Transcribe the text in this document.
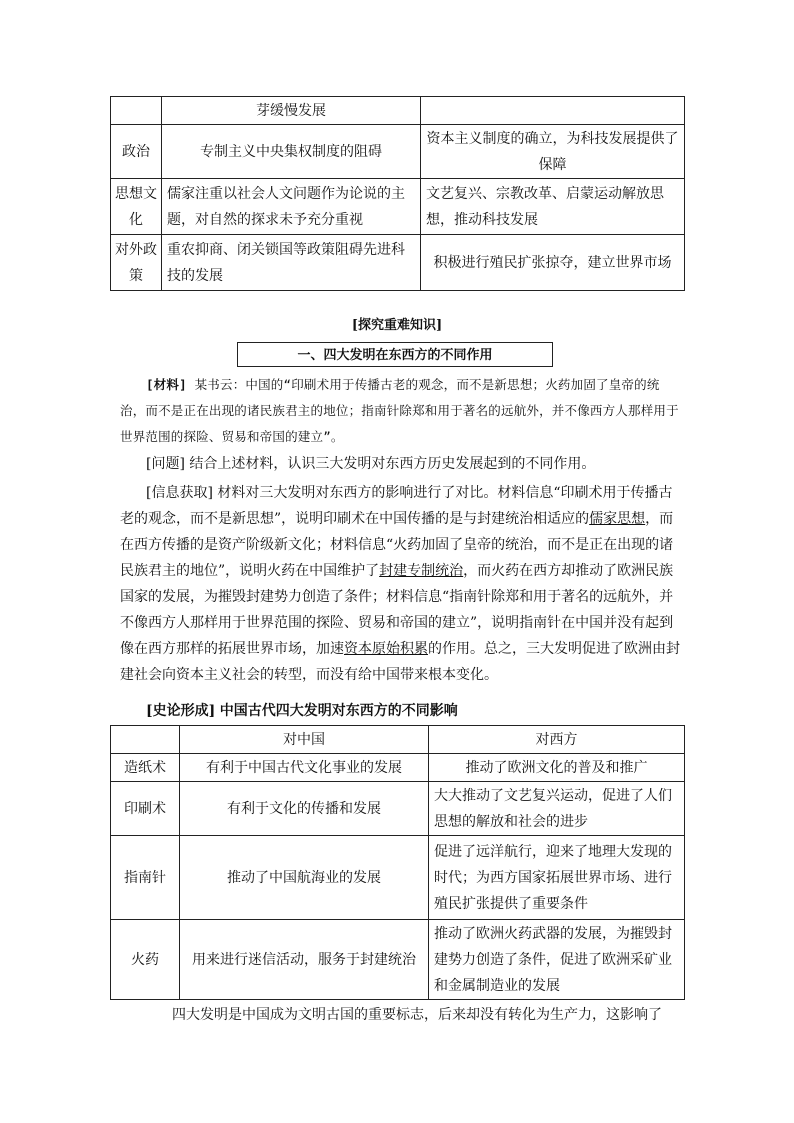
	芽缓慢发展	
政治	专制主义中央集权制度的阻碍	资本主义制度的确立，为科技发展提供了保障
思想文化	儒家注重以社会人文问题作为论说的主题，对自然的探求未予充分重视	文艺复兴、宗教改革、启蒙运动解放思想，推动科技发展
对外政策	重农抑商、闭关锁国等政策阻碍先进科技的发展	积极进行殖民扩张掠夺，建立世界市场
[探究重难知识]
一、四大发明在东西方的不同作用
[材料] 某书云：中国的“印刷术用于传播古老的观念，而不是新思想；火药加固了皇帝的统治，而不是正在出现的诸民族君主的地位；指南针除郑和用于著名的远航外，并不像西方人那样用于世界范围的探险、贸易和帝国的建立”。
[问题] 结合上述材料，认识三大发明对东西方历史发展起到的不同作用。
[信息获取] 材料对三大发明对东西方的影响进行了对比。材料信息“印刷术用于传播古老的观念，而不是新思想”，说明印刷术在中国传播的是与封建统治相适应的儒家思想，而在西方传播的是资产阶级新文化；材料信息“火药加固了皇帝的统治，而不是正在出现的诸民族君主的地位”，说明火药在中国维护了封建专制统治，而火药在西方却推动了欧洲民族国家的发展，为摧毁封建势力创造了条件；材料信息“指南针除郑和用于著名的远航外，并不像西方人那样用于世界范围的探险、贸易和帝国的建立”，说明指南针在中国并没有起到像在西方那样的拓展世界市场，加速资本原始积累的作用。总之，三大发明促进了欧洲由封建社会向资本主义社会的转型，而没有给中国带来根本变化。
[史论形成] 中国古代四大发明对东西方的不同影响
	对中国	对西方
造纸术	有利于中国古代文化事业的发展	推动了欧洲文化的普及和推广
印刷术	有利于文化的传播和发展	大大推动了文艺复兴运动，促进了人们思想的解放和社会的进步
指南针	推动了中国航海业的发展	促进了远洋航行，迎来了地理大发现的时代；为西方国家拓展世界市场、进行殖民扩张提供了重要条件
火药	用来进行迷信活动，服务于封建统治	推动了欧洲火药武器的发展，为摧毁封建势力创造了条件，促进了欧洲采矿业和金属制造业的发展
四大发明是中国成为文明古国的重要标志，后来却没有转化为生产力，这影响了
